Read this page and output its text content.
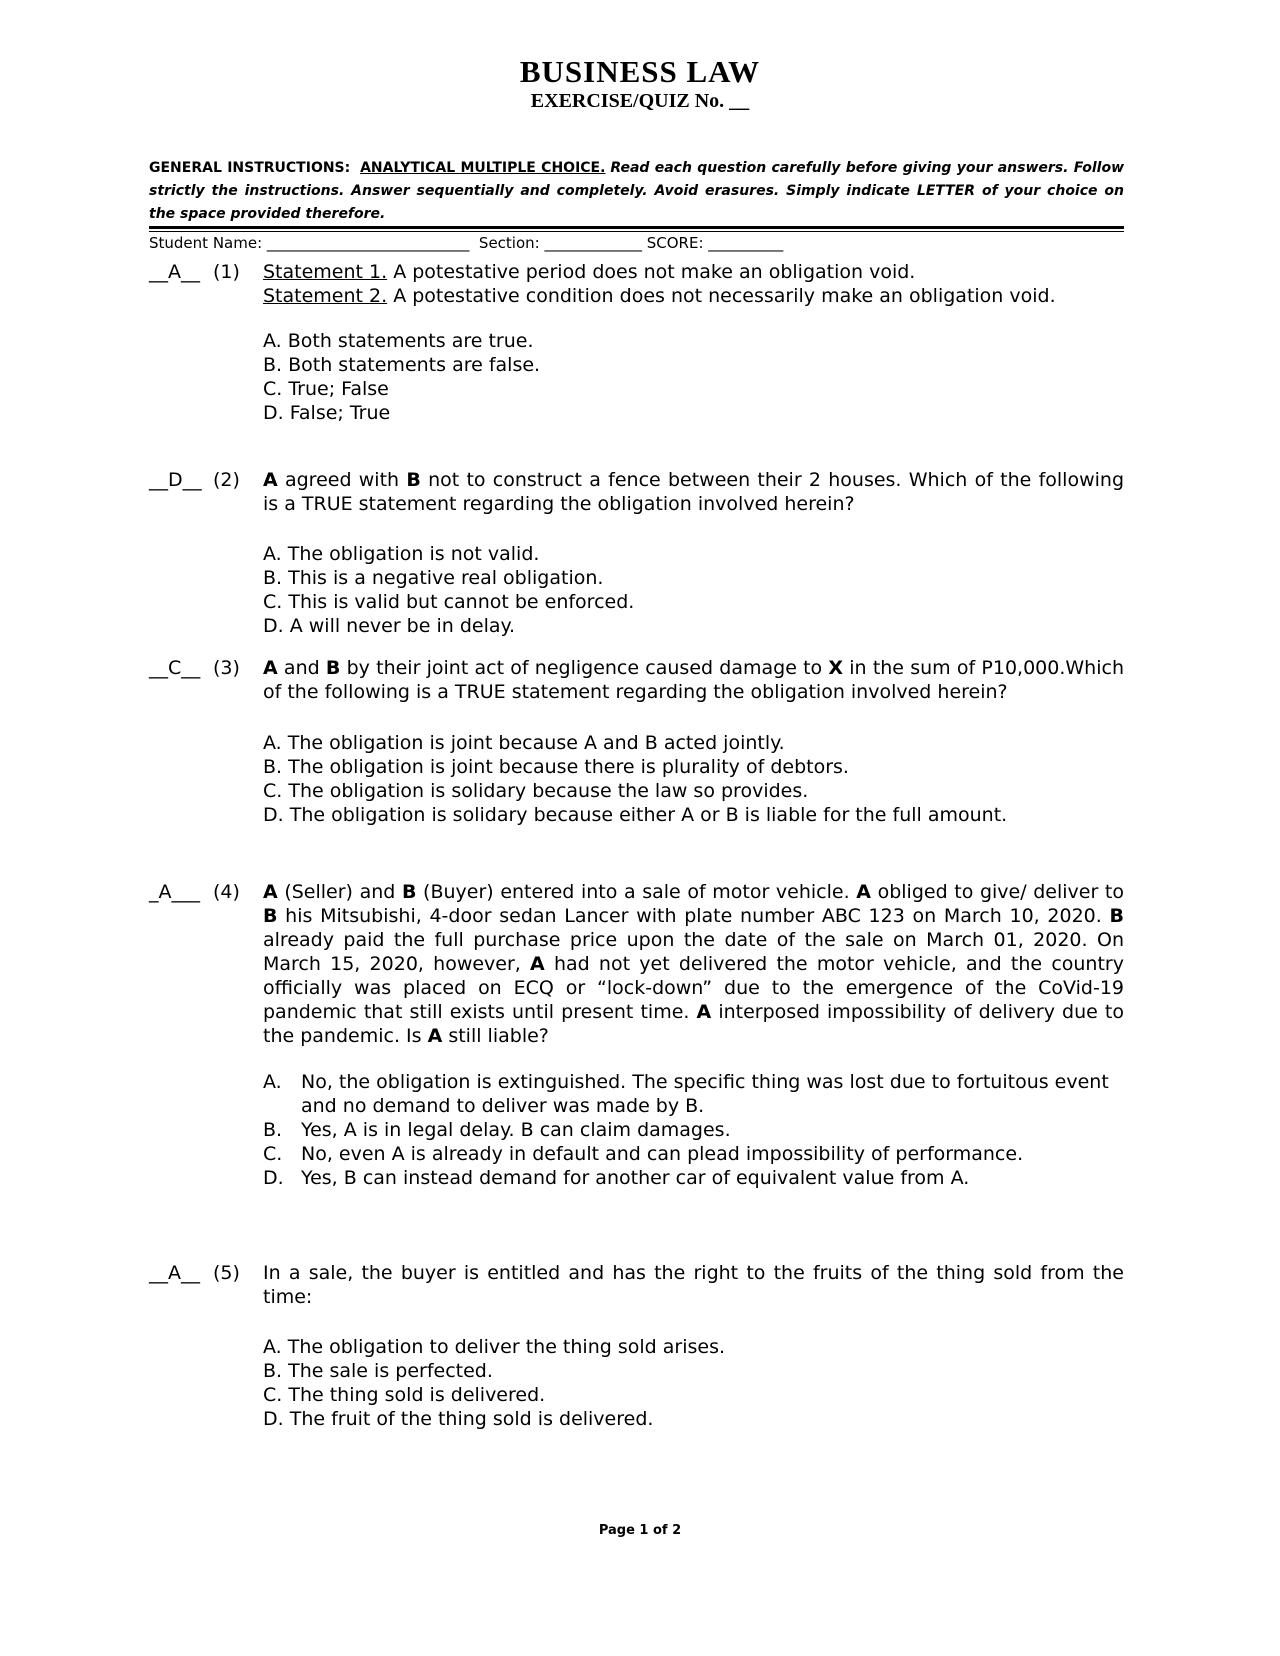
BUSINESS LAW
EXERCISE/QUIZ No. __
GENERAL INSTRUCTIONS: ANALYTICAL MULTIPLE CHOICE. Read each question carefully before giving your answers. Follow strictly the instructions. Answer sequentially and completely. Avoid erasures. Simply indicate LETTER of your choice on the space provided therefore.
Student Name: ___________________________  Section: _____________ SCORE: __________
__A__ (1) Statement 1. A potestative period does not make an obligation void.
Statement 2. A potestative condition does not necessarily make an obligation void.
A. Both statements are true.
B. Both statements are false.
C. True; False
D. False; True
__D__ (2) A agreed with B not to construct a fence between their 2 houses. Which of the following is a TRUE statement regarding the obligation involved herein?
A. The obligation is not valid.
B. This is a negative real obligation.
C. This is valid but cannot be enforced.
D. A will never be in delay.
__C__ (3) A and B by their joint act of negligence caused damage to X in the sum of P10,000.Which of the following is a TRUE statement regarding the obligation involved herein?
A. The obligation is joint because A and B acted jointly.
B. The obligation is joint because there is plurality of debtors.
C. The obligation is solidary because the law so provides.
D. The obligation is solidary because either A or B is liable for the full amount.
_A___ (4) A (Seller) and B (Buyer) entered into a sale of motor vehicle. A obliged to give/ deliver to B his Mitsubishi, 4-door sedan Lancer with plate number ABC 123 on March 10, 2020. B already paid the full purchase price upon the date of the sale on March 01, 2020. On March 15, 2020, however, A had not yet delivered the motor vehicle, and the country officially was placed on ECQ or “lock-down” due to the emergence of the CoVid-19 pandemic that still exists until present time. A interposed impossibility of delivery due to the pandemic. Is A still liable?
A.	No, the obligation is extinguished. The specific thing was lost due to fortuitous event and no demand to deliver was made by B.
B. Yes, A is in legal delay. B can claim damages.
C. No, even A is already in default and can plead impossibility of performance.
D. Yes, B can instead demand for another car of equivalent value from A.
__A__ (5) In a sale, the buyer is entitled and has the right to the fruits of the thing sold from the time:
A. The obligation to deliver the thing sold arises.
B. The sale is perfected.
C. The thing sold is delivered.
D. The fruit of the thing sold is delivered.
Page 1 of 2
